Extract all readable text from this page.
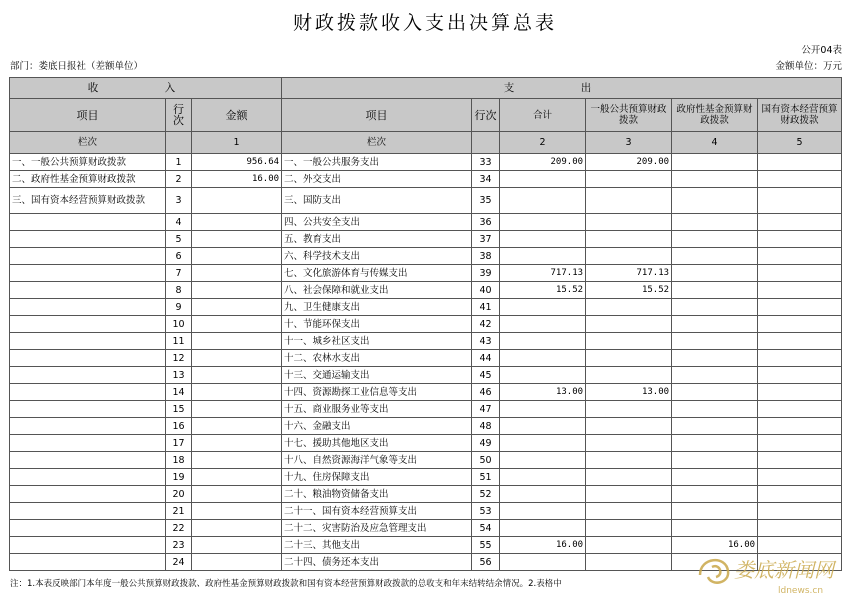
财政拨款收入支出决算总表
公开04表
部门：娄底日报社（差额单位）	金额单位：万元
收　入			支　出					
项目	行次	金额	项目	行次	合计	一般公共预算财政拨款	政府性基金预算财政拨款	国有资本经营预算财政拨款
栏次		1	栏次		2	3	4	5
一、一般公共预算财政拨款	1	956.64	一、一般公共服务支出	33	209.00	209.00		
二、政府性基金预算财政拨款	2	16.00	二、外交支出	34				
三、国有资本经营预算财政拨款	3		三、国防支出	35				
	4		四、公共安全支出	36				
	5		五、教育支出	37				
	6		六、科学技术支出	38				
	7		七、文化旅游体育与传媒支出	39	717.13	717.13		
	8		八、社会保障和就业支出	40	15.52	15.52		
	9		九、卫生健康支出	41				
	10		十、节能环保支出	42				
	11		十一、城乡社区支出	43				
	12		十二、农林水支出	44				
	13		十三、交通运输支出	45				
	14		十四、资源勘探工业信息等支出	46	13.00	13.00		
	15		十五、商业服务业等支出	47				
	16		十六、金融支出	48				
	17		十七、援助其他地区支出	49				
	18		十八、自然资源海洋气象等支出	50				
	19		十九、住房保障支出	51				
	20		二十、粮油物资储备支出	52				
	21		二十一、国有资本经营预算支出	53				
	22		二十二、灾害防治及应急管理支出	54				
	23		二十三、其他支出	55	16.00		16.00	
	24		二十四、债务还本支出	56				
注：1.本表反映部门本年度一般公共预算财政拨款、政府性基金预算财政拨款和国有资本经营预算财政拨款的总收支和年末结转结余情况。2.表格中
娄底新闻网
ldnews.cn
